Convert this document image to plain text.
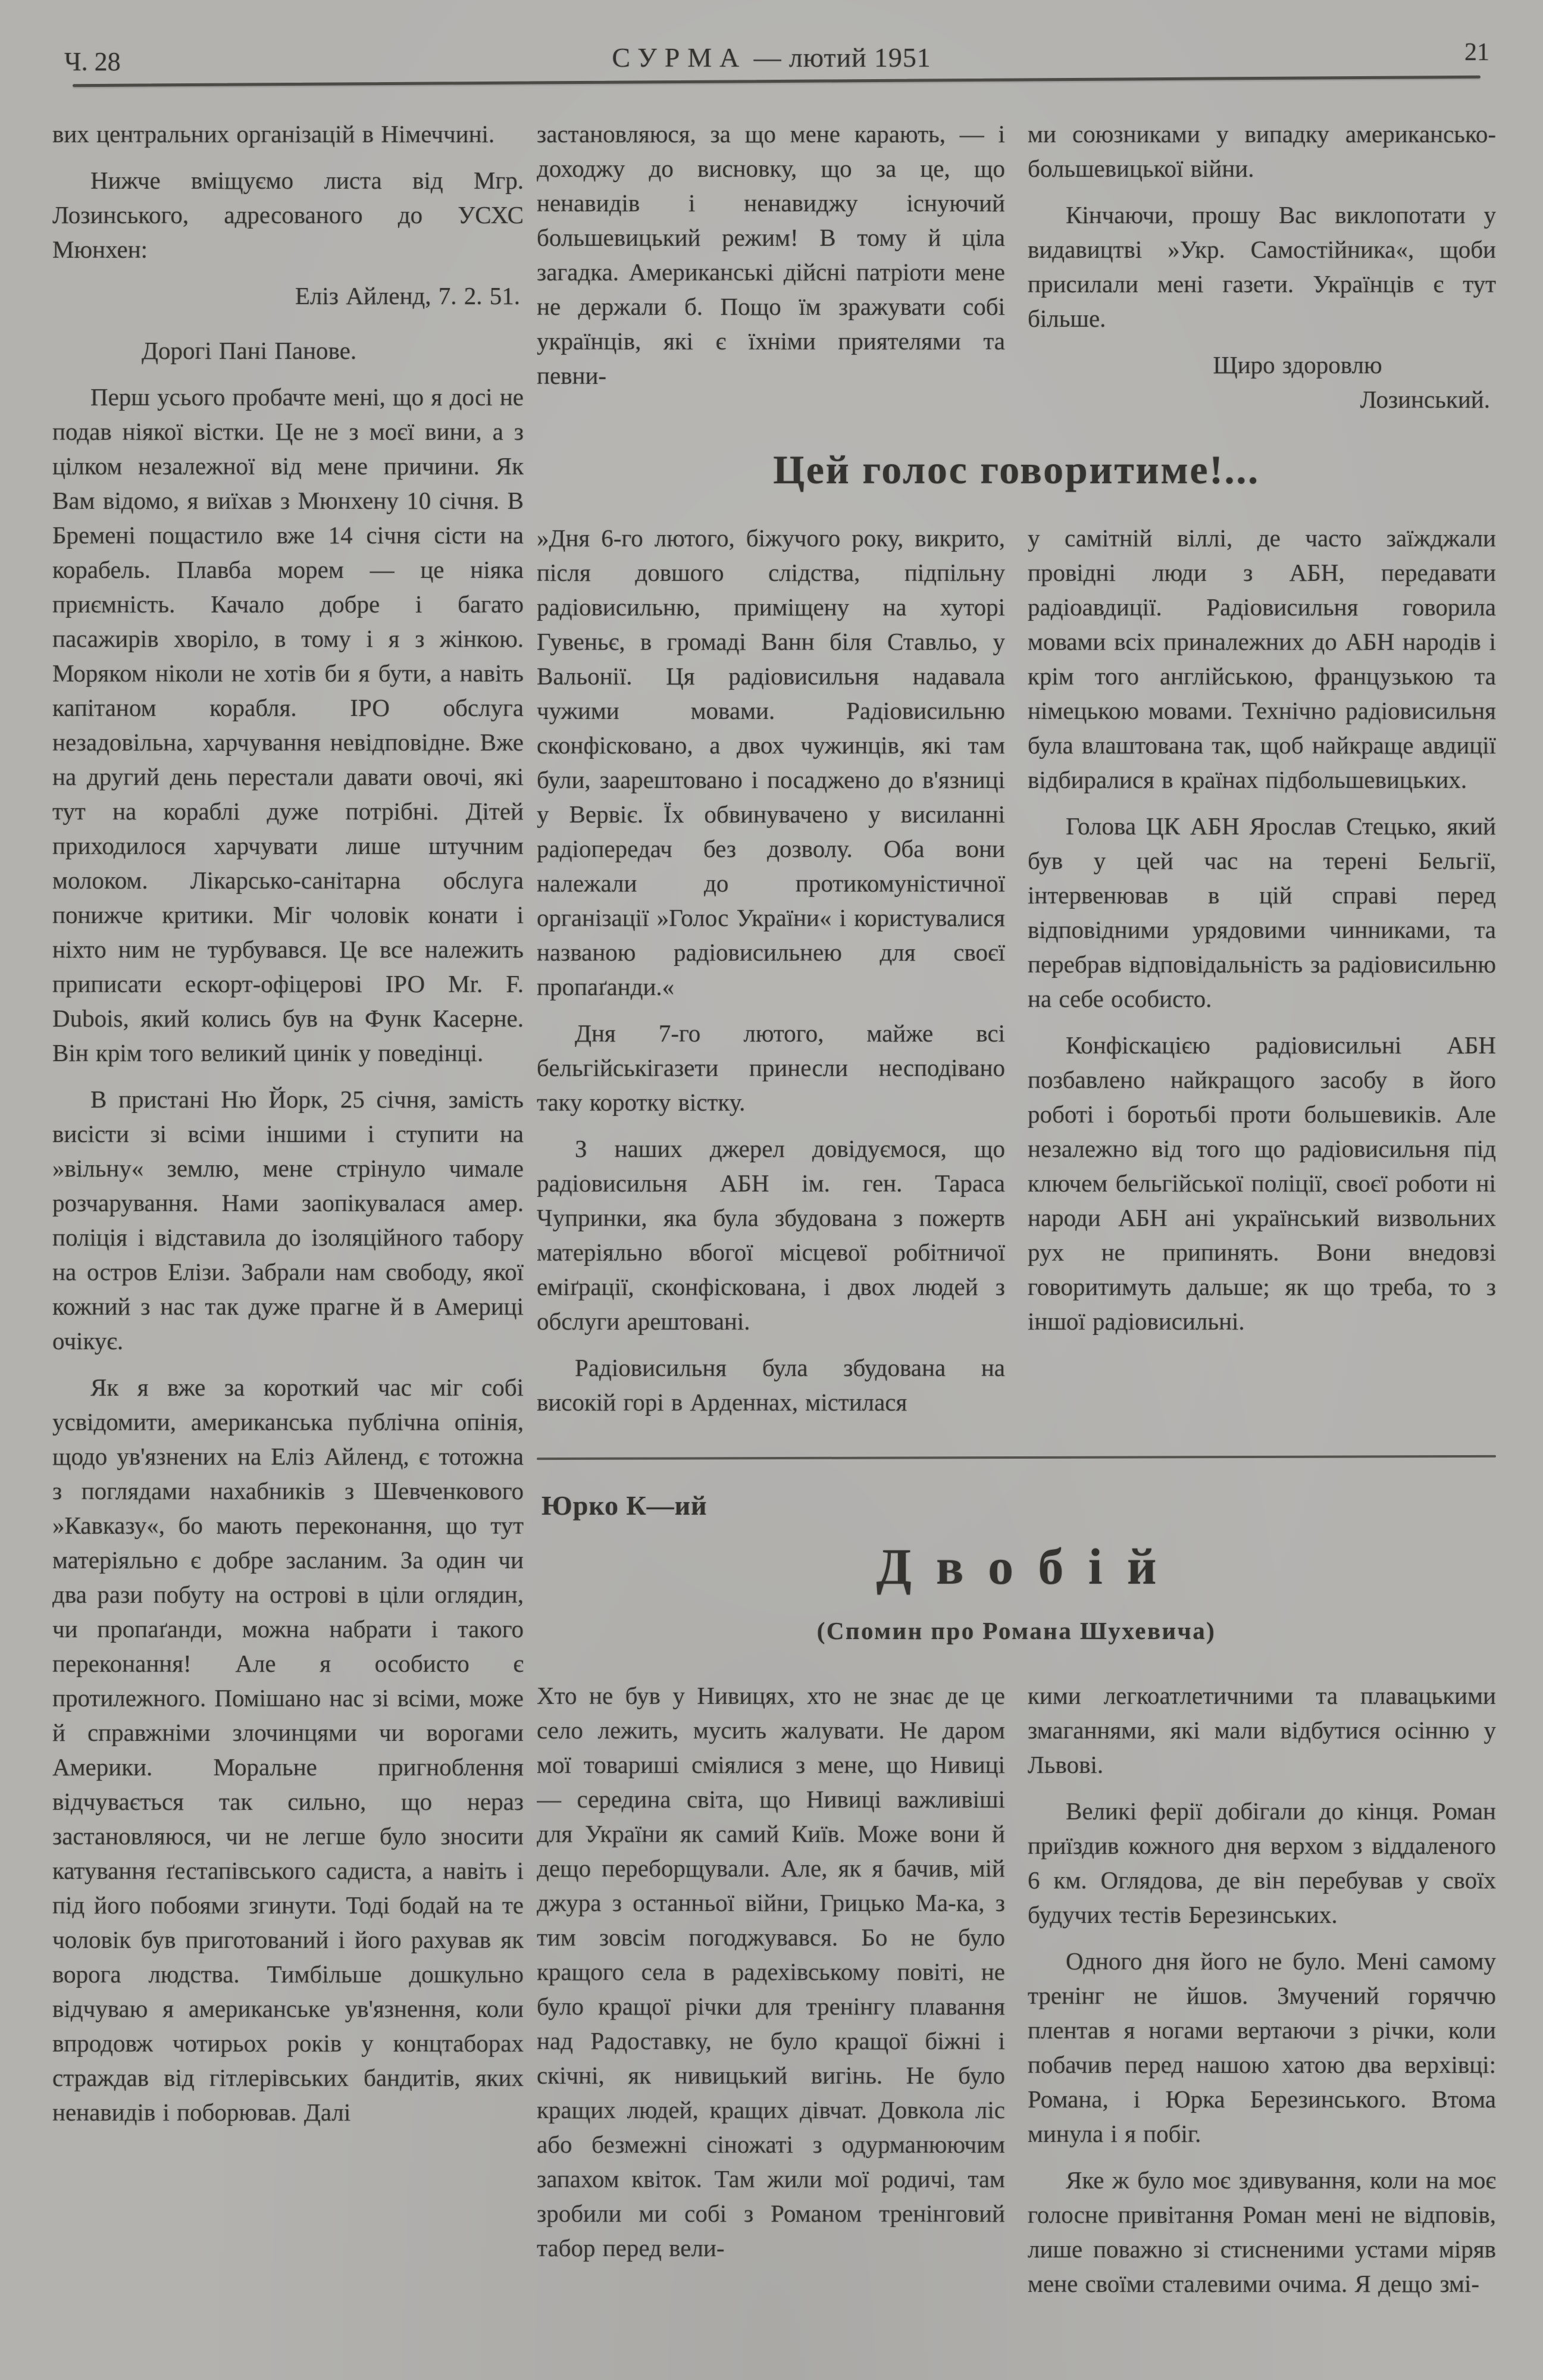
Ч. 28	СУРМА — лютий 1951	21

вих центральних організацій в Німеччині.

Нижче вміщуємо листа від Мгр. Лозинського, адресованого до УСХС Мюнхен:

Еліз Айленд, 7. 2. 51.

Дорогі Пані Панове.

Перш усього пробачте мені, що я досі не подав ніякої вістки. Це не з моєї вини, а з цілком незалежної від мене причини. Як Вам відомо, я виїхав з Мюнхену 10 січня. В Бремені пощастило вже 14 січня сісти на корабель. Плавба морем — це ніяка приємність. Качало добре і багато пасажирів хворіло, в тому і я з жінкою. Моряком ніколи не хотів би я бути, а навіть капітаном корабля. ІРО обслуга незадовільна, харчування невідповідне. Вже на другий день перестали давати овочі, які тут на кораблі дуже потрібні. Дітей приходилося харчувати лише штучним молоком. Лікарсько-санітарна обслуга понижче критики. Міг чоловік конати і ніхто ним не турбувався. Це все належить приписати ескорт-офіцерові ІРО Mr. F. Dubois, який колись був на Функ Касерне. Він крім того великий цинік у поведінці.

В пристані Ню Йорк, 25 січня, замість висісти зі всіми іншими і ступити на »вільну« землю, мене стрінуло чимале розчарування. Нами заопікувалася амер. поліція і відставила до ізоляційного табору на остров Елізи. Забрали нам свободу, якої кожний з нас так дуже прагне й в Америці очікує.

Як я вже за короткий час міг собі усвідомити, американська публічна опінія, щодо ув'язнених на Еліз Айленд, є тотожна з поглядами нахабників з Шевченкового »Кавказу«, бо мають переконання, що тут матеріяльно є добре засланим. За один чи два рази побуту на острові в ціли оглядин, чи пропаґанди, можна набрати і такого переконання! Але я особисто є протилежного. Помішано нас зі всіми, може й справжніми злочинцями чи ворогами Америки. Моральне пригноблення відчувається так сильно, що нераз застановляюся, чи не легше було зносити катування ґестапівського садиста, а навіть і під його побоями згинути. Тоді бодай на те чоловік був приготований і його рахував як ворога людства. Тимбільше дошкульно відчуваю я американське ув'язнення, коли впродовж чотирьох років у концтаборах страждав від гітлерівських бандитів, яких ненавидів і поборював. Далі

застановляюся, за що мене карають, — і доходжу до висновку, що за це, що ненавидів і ненавиджу існуючий большевицький режим! В тому й ціла загадка. Американські дійсні патріоти мене не держали б. Пощо їм зражувати собі українців, які є їхніми приятелями та певни-

ми союзниками у випадку американсько-большевицької війни.

Кінчаючи, прошу Вас виклопотати у видавицтві »Укр. Самостійника«, щоби присилали мені газети. Українців є тут більше.

Щиро здоровлю

Лозинський.

Цей голос говоритиме!...

»Дня 6-го лютого, біжучого року, викрито, після довшого слідства, підпільну радіовисильню, приміщену на хуторі Гувеньє, в громаді Ванн біля Ставльо, у Вальонії. Ця радіовисильня надавала чужими мовами. Радіовисильню сконфісковано, а двох чужинців, які там були, заарештовано і посаджено до в'язниці у Вервіє. Їх обвинувачено у висиланні радіопередач без дозволу. Оба вони належали до протикомуністичної організації »Голос України« і користувалися названою радіовисильнею для своєї пропаґанди.«

Дня 7-го лютого, майже всі бельгійськігазети принесли несподівано таку коротку вістку.

З наших джерел довідуємося, що радіовисильня АБН ім. ген. Тараса Чупринки, яка була збудована з пожертв матеріяльно вбогої місцевої робітничої еміґрації, сконфіскована, і двох людей з обслуги арештовані.

Радіовисильня була збудована на високій горі в Арденнах, містилася

у самітній віллі, де часто заїжджали провідні люди з АБН, передавати радіоавдиції. Радіовисильня говорила мовами всіх приналежних до АБН народів і крім того англійською, французькою та німецькою мовами. Технічно радіовисильня була влаштована так, щоб найкраще авдиції відбиралися в країнах підбольшевицьких.

Голова ЦК АБН Ярослав Стецько, який був у цей час на терені Бельгії, інтервенював в цій справі перед відповідними урядовими чинниками, та перебрав відповідальність за радіовисильню на себе особисто.

Конфіскацією радіовисильні АБН позбавлено найкращого засобу в його роботі і боротьбі проти большевиків. Але незалежно від того що радіовисильня під ключем бельгійської поліції, своєї роботи ні народи АБН ані український визвольних рух не припинять. Вони внедовзі говоритимуть дальше; як що треба, то з іншої радіовисильні.

Юрко К—ий
Двобій
(Спомин про Романа Шухевича)

Хто не був у Нивицях, хто не знає де це село лежить, мусить жалувати. Не даром мої товариші сміялися з мене, що Нивиці — середина світа, що Нивиці важливіші для України як самий Київ. Може вони й дещо переборщували. Але, як я бачив, мій джура з останньої війни, Грицько Ма-ка, з тим зовсім погоджувався. Бо не було кращого села в радехівському повіті, не було кращої річки для тренінгу плавання над Радоставку, не було кращої біжні і скічні, як нивицький вигінь. Не було кращих людей, кращих дівчат. Довкола ліс або безмежні сіножаті з одурманюючим запахом квіток. Там жили мої родичі, там зробили ми собі з Романом тренінговий табор перед вели-

кими легкоатлетичними та плавацькими змаганнями, які мали відбутися осінню у Львові.

Великі ферії добігали до кінця. Роман приїздив кожного дня верхом з віддаленого 6 км. Оглядова, де він перебував у своїх будучих тестів Березинських.

Одного дня його не було. Мені самому тренінг не йшов. Змучений горяччю плентав я ногами вертаючи з річки, коли побачив перед нашою хатою два верхівці: Романа, і Юрка Березинського. Втома минула і я побіг.

Яке ж було моє здивування, коли на моє голосне привітання Роман мені не відповів, лише поважно зі стисненими устами міряв мене своїми сталевими очима. Я дещо змі-
